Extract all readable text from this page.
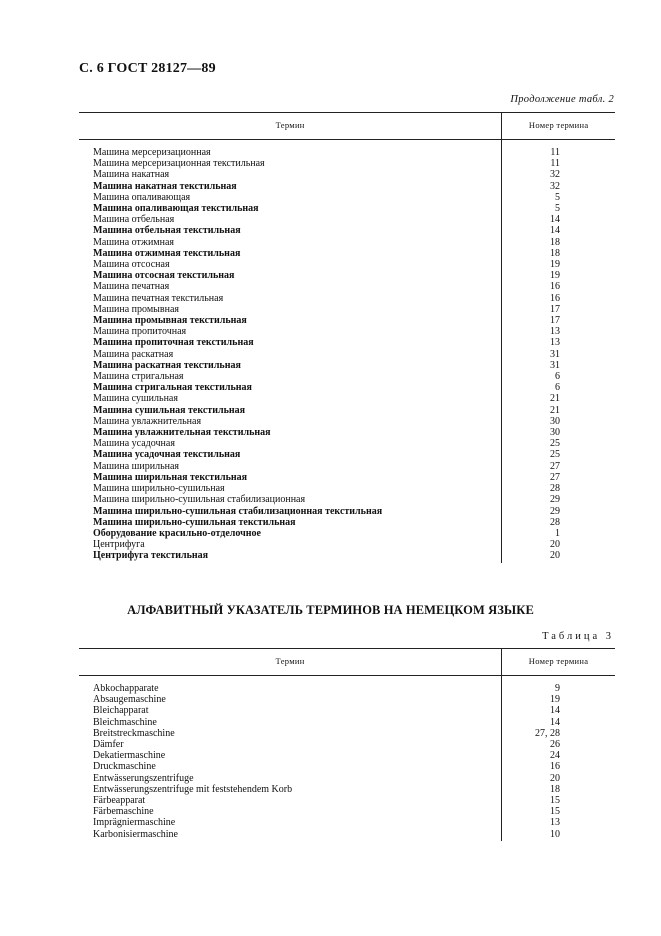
С. 6 ГОСТ 28127—89
Продолжение табл. 2
Термин	Номер термина
Машина мерсеризационная	11
Машина мерсеризационная текстильная	11
Машина накатная	32
Машина накатная текстильная	32
Машина опаливающая	5
Машина опаливающая текстильная	5
Машина отбельная	14
Машина отбельная текстильная	14
Машина отжимная	18
Машина отжимная текстильная	18
Машина отсосная	19
Машина отсосная текстильная	19
Машина печатная	16
Машина печатная текстильная	16
Машина промывная	17
Машина промывная текстильная	17
Машина пропиточная	13
Машина пропиточная текстильная	13
Машина раскатная	31
Машина раскатная текстильная	31
Машина стригальная	6
Машина стригальная текстильная	6
Машина сушильная	21
Машина сушильная текстильная	21
Машина увлажнительная	30
Машина увлажнительная текстильная	30
Машина усадочная	25
Машина усадочная текстильная	25
Машина ширильная	27
Машина ширильная текстильная	27
Машина ширильно-сушильная	28
Машина ширильно-сушильная стабилизационная	29
Машина ширильно-сушильная стабилизационная текстильная	29
Машина ширильно-сушильная текстильная	28
Оборудование красильно-отделочное	1
Центрифуга	20
Центрифуга текстильная	20
АЛФАВИТНЫЙ УКАЗАТЕЛЬ ТЕРМИНОВ НА НЕМЕЦКОМ ЯЗЫКЕ
Таблица 3
Термин	Номер термина
Abkochapparate	9
Absaugemaschine	19
Bleichapparat	14
Bleichmaschine	14
Breitstreckmaschine	27, 28
Dämfer	26
Dekatiermaschine	24
Druckmaschine	16
Entwässerungszentrifuge	20
Entwässerungszentrifuge mit feststehendem Korb	18
Färbeapparat	15
Färbemaschine	15
Imprägniermaschine	13
Karbonisiermaschine	10
